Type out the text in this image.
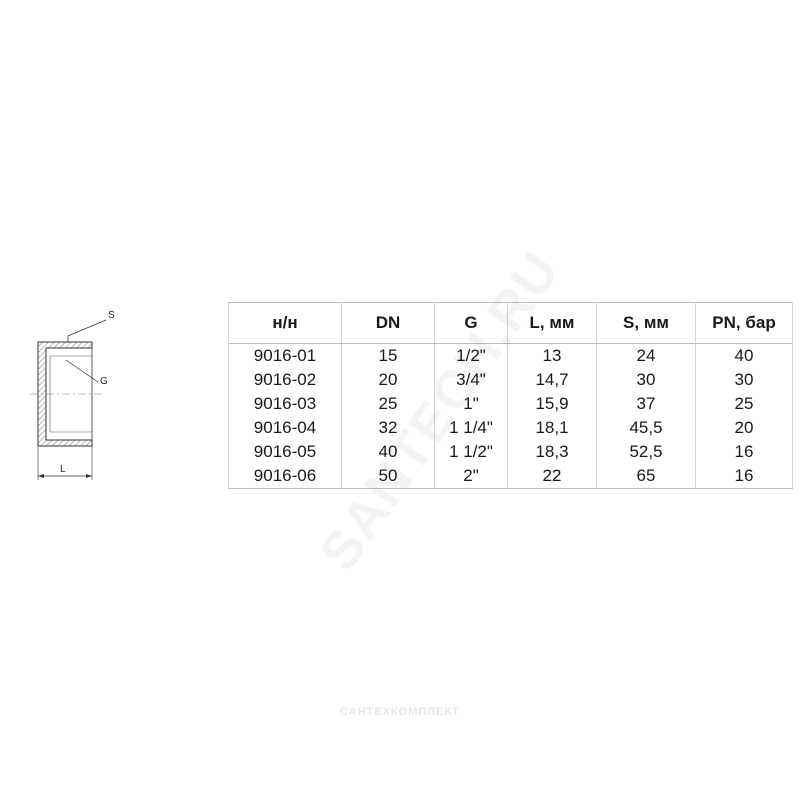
S
G
L
н/н	DN	G	L, мм	S, мм	PN, бар
9016-01	15	1/2"	13	24	40
9016-02	20	3/4"	14,7	30	30
9016-03	25	1"	15,9	37	25
9016-04	32	1 1/4"	18,1	45,5	20
9016-05	40	1 1/2"	18,3	52,5	16
9016-06	50	2"	22	65	16
САНТЕХКОМПЛЕКТ
